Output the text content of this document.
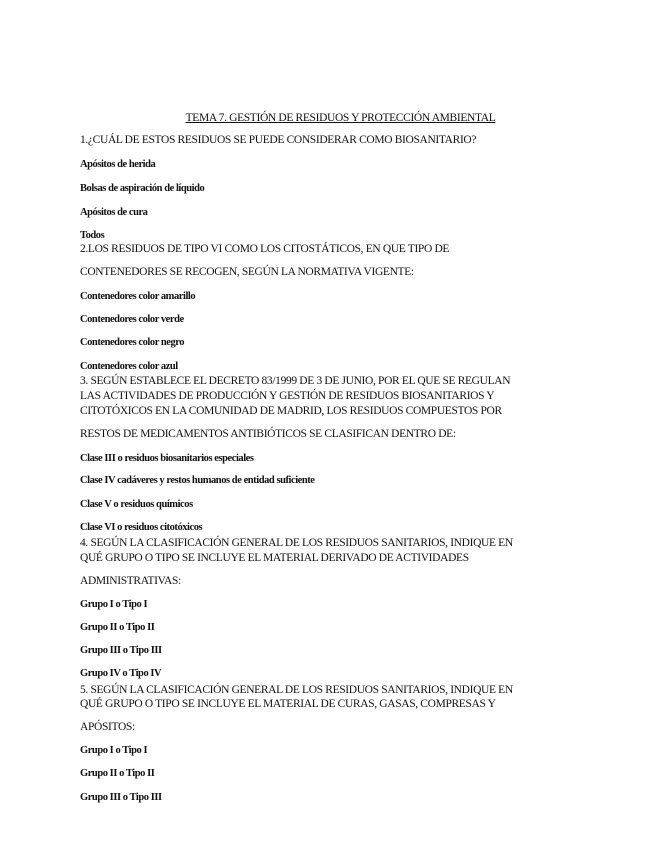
TEMA 7. GESTIÓN DE RESIDUOS Y PROTECCIÓN AMBIENTAL
1.¿CUÁL DE ESTOS RESIDUOS SE PUEDE CONSIDERAR COMO BIOSANITARIO?
Apósitos de herida
Bolsas de aspiración de líquido
Apósitos de cura
Todos
2.LOS RESIDUOS DE TIPO VI COMO LOS CITOSTÁTICOS, EN QUE TIPO DE
CONTENEDORES SE RECOGEN, SEGÚN LA NORMATIVA VIGENTE:
Contenedores color amarillo
Contenedores color verde
Contenedores color negro
Contenedores color azul
3. SEGÚN ESTABLECE EL DECRETO 83/1999 DE 3 DE JUNIO, POR EL QUE SE REGULAN
LAS ACTIVIDADES DE PRODUCCIÓN Y GESTIÓN DE RESIDUOS BIOSANITARIOS Y
CITOTÓXICOS EN LA COMUNIDAD DE MADRID, LOS RESIDUOS COMPUESTOS POR
RESTOS DE MEDICAMENTOS ANTIBIÓTICOS SE CLASIFICAN DENTRO DE:
Clase III o residuos biosanitarios especiales
Clase IV cadáveres y restos humanos de entidad suficiente
Clase V o residuos químicos
Clase VI o residuos citotóxicos
4. SEGÚN LA CLASIFICACIÓN GENERAL DE LOS RESIDUOS SANITARIOS, INDIQUE EN
QUÉ GRUPO O TIPO SE INCLUYE EL MATERIAL DERIVADO DE ACTIVIDADES
ADMINISTRATIVAS:
Grupo I o Tipo I
Grupo II o Tipo II
Grupo III o Tipo III
Grupo IV o Tipo IV
5. SEGÚN LA CLASIFICACIÓN GENERAL DE LOS RESIDUOS SANITARIOS, INDIQUE EN
QUÉ GRUPO O TIPO SE INCLUYE EL MATERIAL DE CURAS, GASAS, COMPRESAS Y
APÓSITOS:
Grupo I o Tipo I
Grupo II o Tipo II
Grupo III o Tipo III
